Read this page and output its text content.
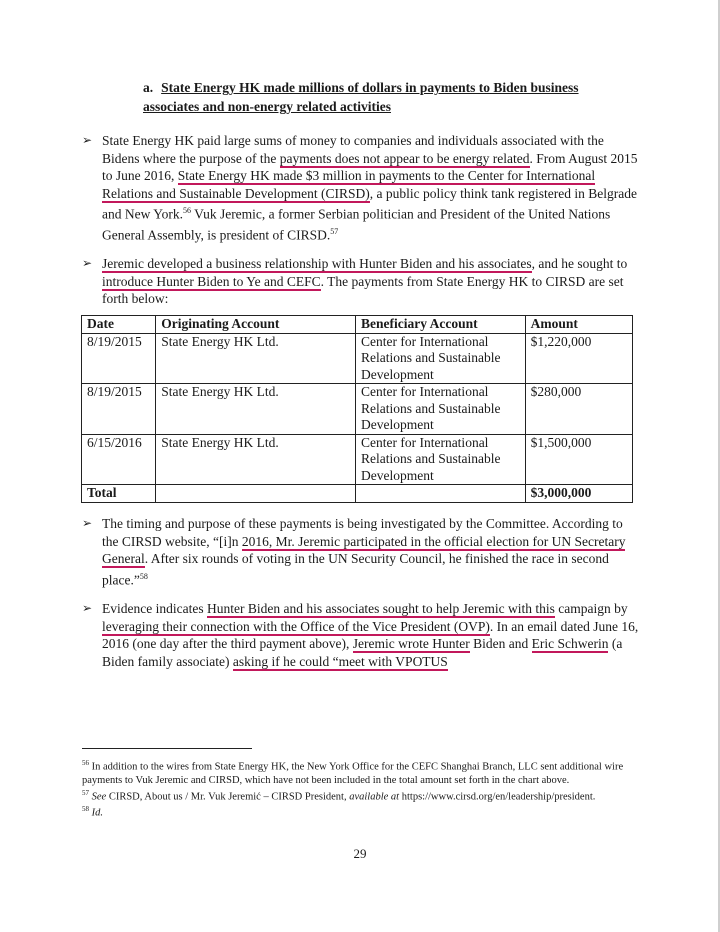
a. State Energy HK made millions of dollars in payments to Biden business associates and non-energy related activities
➢ State Energy HK paid large sums of money to companies and individuals associated with the Bidens where the purpose of the payments does not appear to be energy related. From August 2015 to June 2016, State Energy HK made $3 million in payments to the Center for International Relations and Sustainable Development (CIRSD), a public policy think tank registered in Belgrade and New York.$^{56}$ Vuk Jeremic, a former Serbian politician and President of the United Nations General Assembly, is president of CIRSD.$^{57}$
➢ Jeremic developed a business relationship with Hunter Biden and his associates, and he sought to introduce Hunter Biden to Ye and CEFC. The payments from State Energy HK to CIRSD are set forth below:
Date	Originating Account	Beneficiary Account	Amount
8/19/2015	State Energy HK Ltd.	Center for International Relations and Sustainable Development	$1,220,000
8/19/2015	State Energy HK Ltd.	Center for International Relations and Sustainable Development	$280,000
6/15/2016	State Energy HK Ltd.	Center for International Relations and Sustainable Development	$1,500,000
Total			$3,000,000
➢ The timing and purpose of these payments is being investigated by the Committee. According to the CIRSD website, “[i]n 2016, Mr. Jeremic participated in the official election for UN Secretary General. After six rounds of voting in the UN Security Council, he finished the race in second place.”$^{58}$
➢ Evidence indicates Hunter Biden and his associates sought to help Jeremic with this campaign by leveraging their connection with the Office of the Vice President (OVP). In an email dated June 16, 2016 (one day after the third payment above), Jeremic wrote Hunter Biden and Eric Schwerin (a Biden family associate) asking if he could “meet with VPOTUS
$^{56}$ In addition to the wires from State Energy HK, the New York Office for the CEFC Shanghai Branch, LLC sent additional wire payments to Vuk Jeremic and CIRSD, which have not been included in the total amount set forth in the chart above.
$^{57}$ See CIRSD, About us / Mr. Vuk Jeremić – CIRSD President, available at https://www.cirsd.org/en/leadership/president.
$^{58}$ Id.
29
